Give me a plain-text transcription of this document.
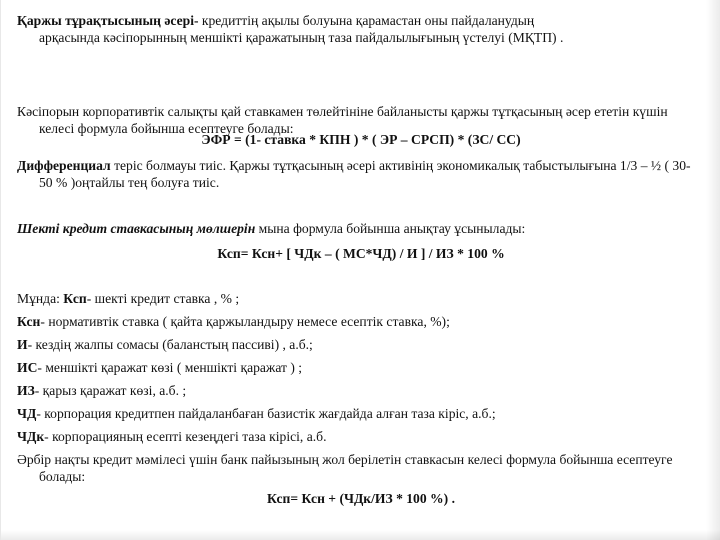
Қаржы тұрақтысының әсері- кредиттің ақылы болуына қарамастан оны пайдаланудың
арқасында кәсіпорынның меншікті қаражатының таза пайдалылығының үстелуі (МҚТП) .
Кәсіпорын корпоративтік салықты қай ставкамен төлейтініне байланысты қаржы тұтқасының әсер ететін күшін келесі формула бойынша есептеуге болады:
ЭФР = (1- ставка * КПН ) * ( ЭР – СРСП) * (ЗС/ СС)
Дифференциал теріс болмауы тиіс. Қаржы тұтқасының әсері активінің экономикалық табыстылығына 1/3 – ½ ( 30- 50 % )оңтайлы тең болуға тиіс.
Шекті кредит ставкасының мөлшерін мына формула бойынша анықтау ұсынылады:
Ксп= Ксн+ [ ЧДк – ( МС*ЧД) / И ] / ИЗ * 100 %
Мұнда: Ксп- шекті кредит ставка , % ;
Ксн- нормативтік ставка ( қайта қаржыландыру немесе есептік ставка, %);
И- кездің жалпы сомасы (баланстың пассиві) , а.б.;
ИС- меншікті қаражат көзі ( меншікті қаражат ) ;
ИЗ- қарыз қаражат көзі, а.б. ;
ЧД- корпорация кредитпен пайдаланбаған базистік жағдайда алған таза кіріс, а.б.;
ЧДк- корпорацияның есепті кезеңдегі таза кірісі, а.б.
Әрбір нақты кредит мәмілесі үшін банк пайызының жол берілетін ставкасын келесі формула бойынша есептеуге болады:
Ксп= Ксн + (ЧДк/ИЗ * 100 %) .
